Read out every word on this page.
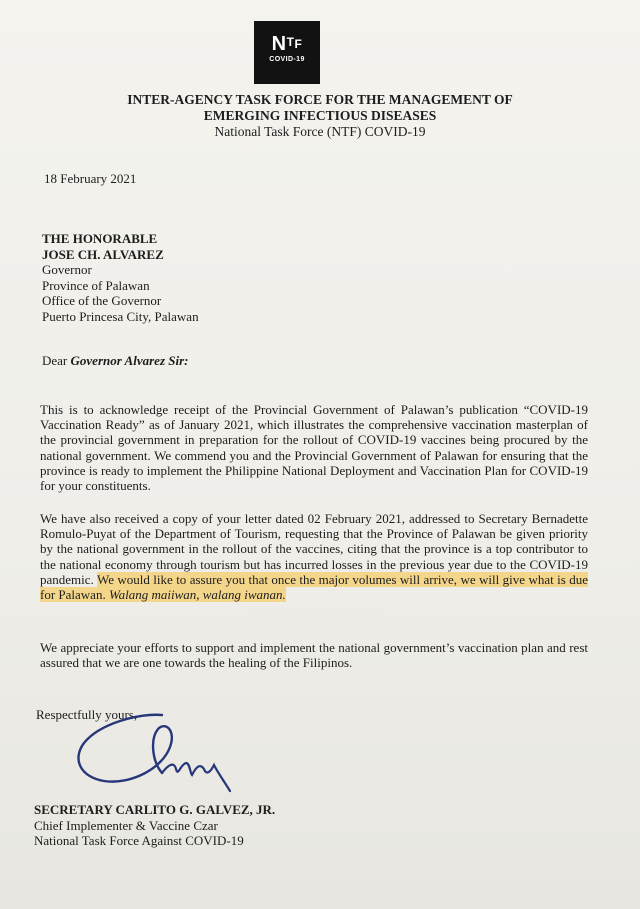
$N^TF$
COVID-19
INTER-AGENCY TASK FORCE FOR THE MANAGEMENT OF
EMERGING INFECTIOUS DISEASES
National Task Force (NTF) COVID-19
18 February 2021
THE HONORABLE
JOSE CH. ALVAREZ
Governor
Province of Palawan
Office of the Governor
Puerto Princesa City, Palawan
Dear Governor Alvarez Sir:
This is to acknowledge receipt of the Provincial Government of Palawan’s publication “COVID-19 Vaccination Ready” as of January 2021, which illustrates the comprehensive vaccination masterplan of the provincial government in preparation for the rollout of COVID-19 vaccines being procured by the national government. We commend you and the Provincial Government of Palawan for ensuring that the province is ready to implement the Philippine National Deployment and Vaccination Plan for COVID-19 for your constituents.
We have also received a copy of your letter dated 02 February 2021, addressed to Secretary Bernadette Romulo-Puyat of the Department of Tourism, requesting that the Province of Palawan be given priority by the national government in the rollout of the vaccines, citing that the province is a top contributor to the national economy through tourism but has incurred losses in the previous year due to the COVID-19 pandemic. We would like to assure you that once the major volumes will arrive, we will give what is due for Palawan. Walang maiiwan, walang iwanan.
We appreciate your efforts to support and implement the national government’s vaccination plan and rest assured that we are one towards the healing of the Filipinos.
Respectfully yours,
SECRETARY CARLITO G. GALVEZ, JR.
Chief Implementer & Vaccine Czar
National Task Force Against COVID-19
